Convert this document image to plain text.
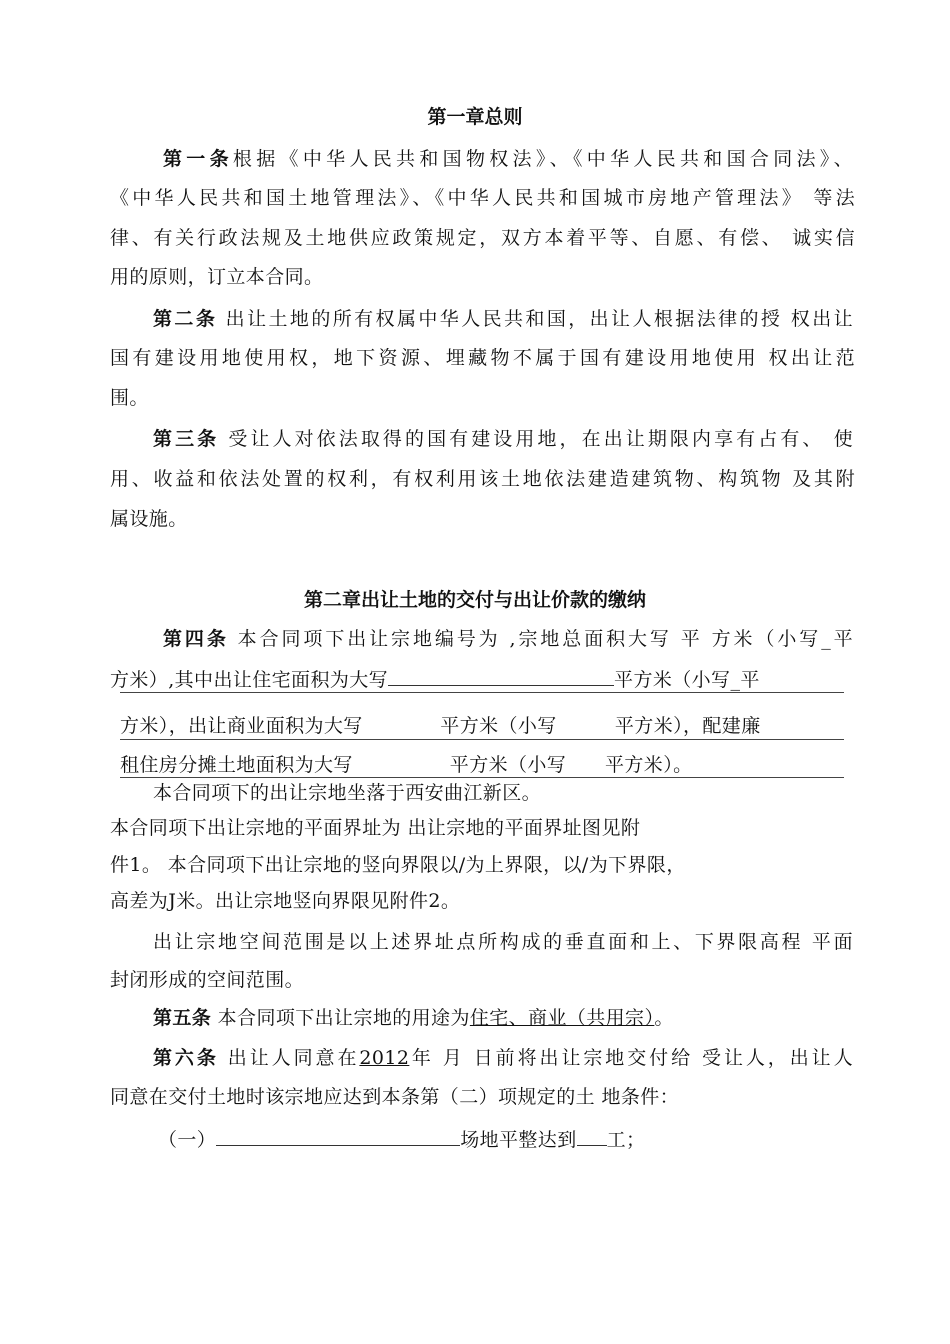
第一章总则
第一条根据《中华人民共和国物权法》、《中华人民共和国合同法》、
《中华人民共和国土地管理法》、《中华人民共和国城市房地产管理法》 等法
律、有关行政法规及土地供应政策规定，双方本着平等、自愿、有偿、 诚实信
用的原则，订立本合同。
第二条 出让土地的所有权属中华人民共和国，出让人根据法律的授 权出让
国有建设用地使用权，地下资源、埋藏物不属于国有建设用地使用 权出让范
围。
第三条 受让人对依法取得的国有建设用地，在出让期限内享有占有、 使
用、收益和依法处置的权利，有权利用该土地依法建造建筑物、构筑物 及其附
属设施。
第二章出让土地的交付与出让价款的缴纳
第四条 本合同项下出让宗地编号为 ,宗地总面积大写 平 方米（小写_平
方米）,其中出让住宅面积为大写	平方米（小写_平
方米），出让商业面积为大写　　　　平方米（小写　　　平方米），配建廉
租住房分摊土地面积为大写　　　　　平方米（小写　　平方米）。
本合同项下的出让宗地坐落于西安曲江新区。
本合同项下出让宗地的平面界址为 出让宗地的平面界址图见附
件1。 本合同项下出让宗地的竖向界限以/为上界限，以/为下界限，
高差为J米。出让宗地竖向界限见附件2。
出让宗地空间范围是以上述界址点所构成的垂直面和上、下界限高程 平面
封闭形成的空间范围。
第五条 本合同项下出让宗地的用途为住宅、商业（共用宗）。
第六条 出让人同意在2012年 月 日前将出让宗地交付给 受让人，出让人
同意在交付土地时该宗地应达到本条第（二）项规定的土 地条件：
（一）	场地平整达到 工；
